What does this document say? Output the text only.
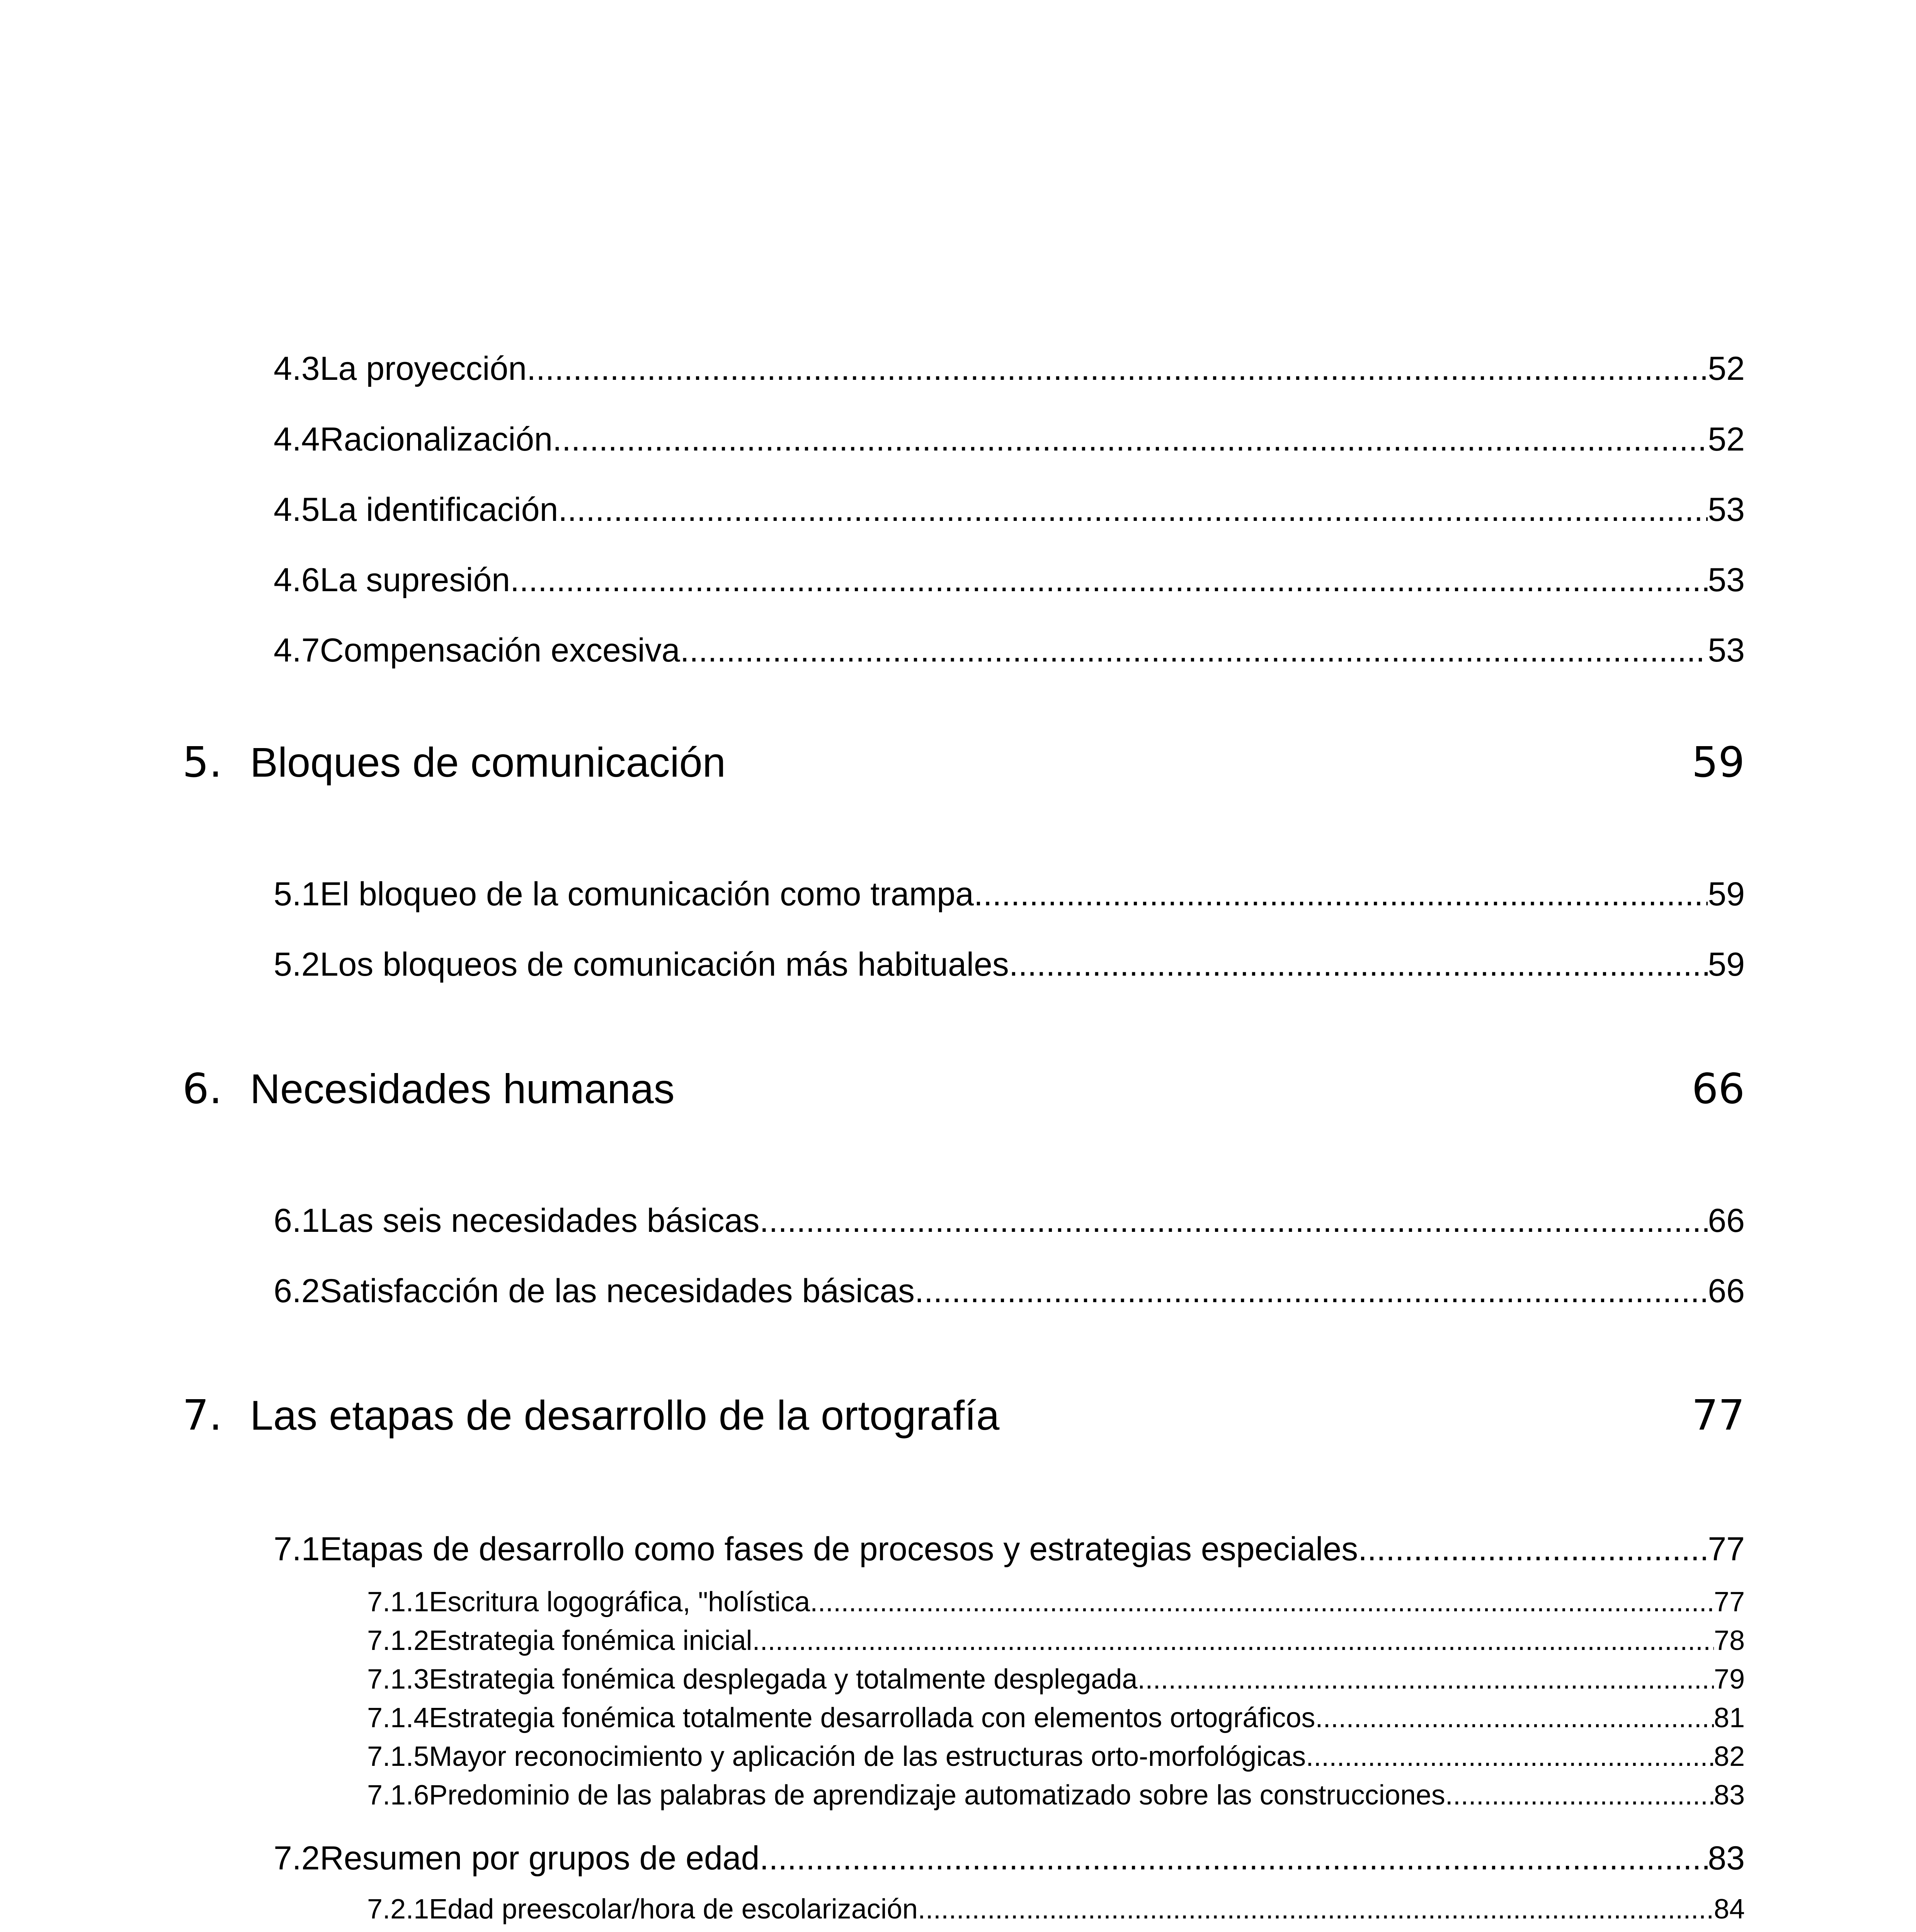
4.3 La proyección .....	52
4.4 Racionalización .....	52
4.5 La identificación .....	53
4.6 La supresión .....	53
4.7 Compensación excesiva .....	53
5. Bloques de comunicación	59
5.1 El bloqueo de la comunicación como trampa .....	59
5.2 Los bloqueos de comunicación más habituales .....	59
6. Necesidades humanas	66
6.1 Las seis necesidades básicas .....	66
6.2 Satisfacción de las necesidades básicas .....	66
7. Las etapas de desarrollo de la ortografía	77
7.1 Etapas de desarrollo como fases de procesos y estrategias especiales .....	77
7.1.1 Escritura logográfica, "holística .....	77
7.1.2 Estrategia fonémica inicial .....	78
7.1.3 Estrategia fonémica desplegada y totalmente desplegada .....	79
7.1.4 Estrategia fonémica totalmente desarrollada con elementos ortográficos .....	81
7.1.5 Mayor reconocimiento y aplicación de las estructuras orto-morfológicas .....	82
7.1.6 Predominio de las palabras de aprendizaje automatizado sobre las construcciones .....	83
7.2 Resumen por grupos de edad .....	83
7.2.1 Edad preescolar/hora de escolarización .....	84
